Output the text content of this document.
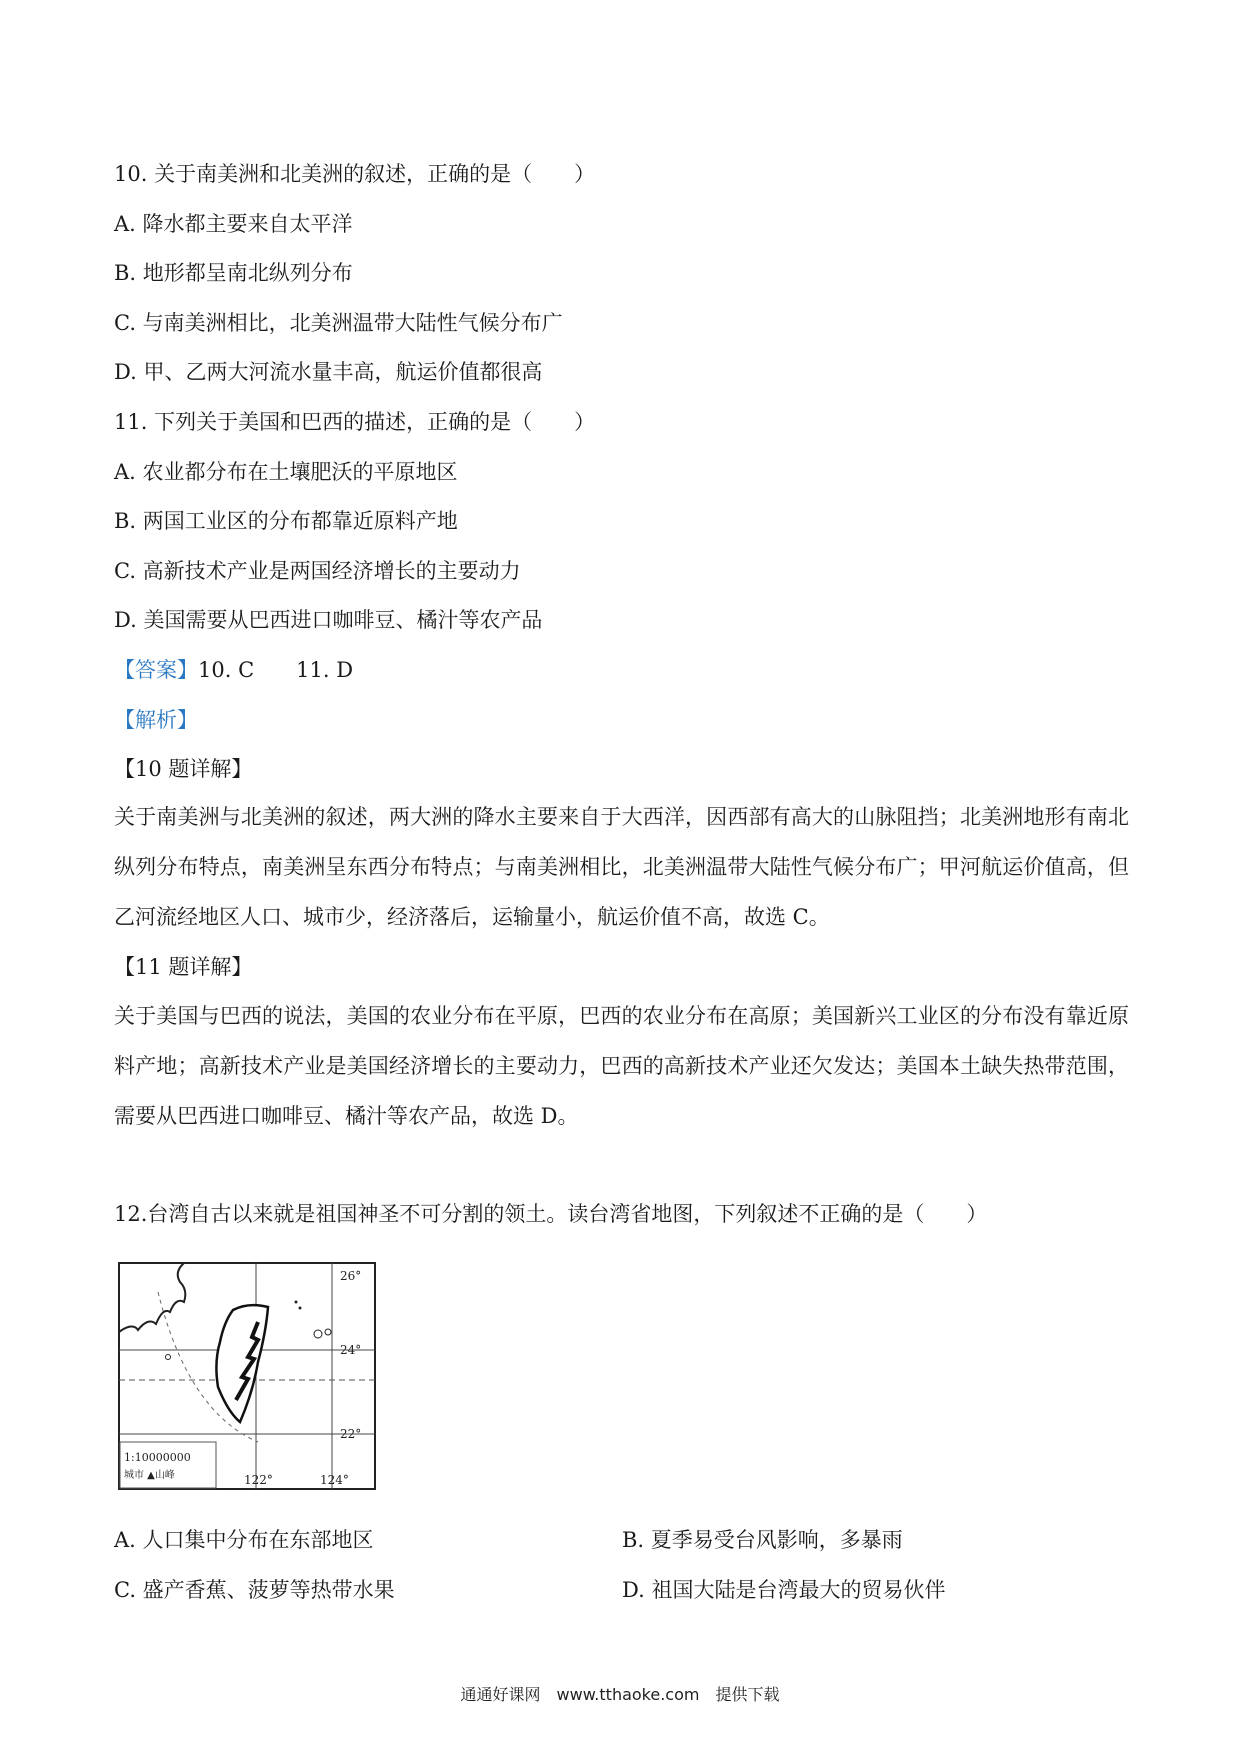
10. 关于南美洲和北美洲的叙述，正确的是（　　）
A. 降水都主要来自太平洋
B. 地形都呈南北纵列分布
C. 与南美洲相比，北美洲温带大陆性气候分布广
D. 甲、乙两大河流水量丰高，航运价值都很高
11. 下列关于美国和巴西的描述，正确的是（　　）
A. 农业都分布在土壤肥沃的平原地区
B. 两国工业区的分布都靠近原料产地
C. 高新技术产业是两国经济增长的主要动力
D. 美国需要从巴西进口咖啡豆、橘汁等农产品
【答案】10. C　　11. D
【解析】
【10 题详解】
关于南美洲与北美洲的叙述，两大洲的降水主要来自于大西洋，因西部有高大的山脉阻挡；北美洲地形有南北纵列分布特点，南美洲呈东西分布特点；与南美洲相比，北美洲温带大陆性气候分布广；甲河航运价值高，但乙河流经地区人口、城市少，经济落后，运输量小，航运价值不高，故选 C。
【11 题详解】
关于美国与巴西的说法，美国的农业分布在平原，巴西的农业分布在高原；美国新兴工业区的分布没有靠近原料产地；高新技术产业是美国经济增长的主要动力，巴西的高新技术产业还欠发达；美国本土缺失热带范围，需要从巴西进口咖啡豆、橘汁等农产品，故选 D。
12.台湾自古以来就是祖国神圣不可分割的领土。读台湾省地图，下列叙述不正确的是（　　）
26°
24°
22°
122°	124°
1:10000000
城市 ▲山峰
A. 人口集中分布在东部地区	B. 夏季易受台风影响，多暴雨
C. 盛产香蕉、菠萝等热带水果	D. 祖国大陆是台湾最大的贸易伙伴
通通好课网　www.tthaoke.com　提供下载
